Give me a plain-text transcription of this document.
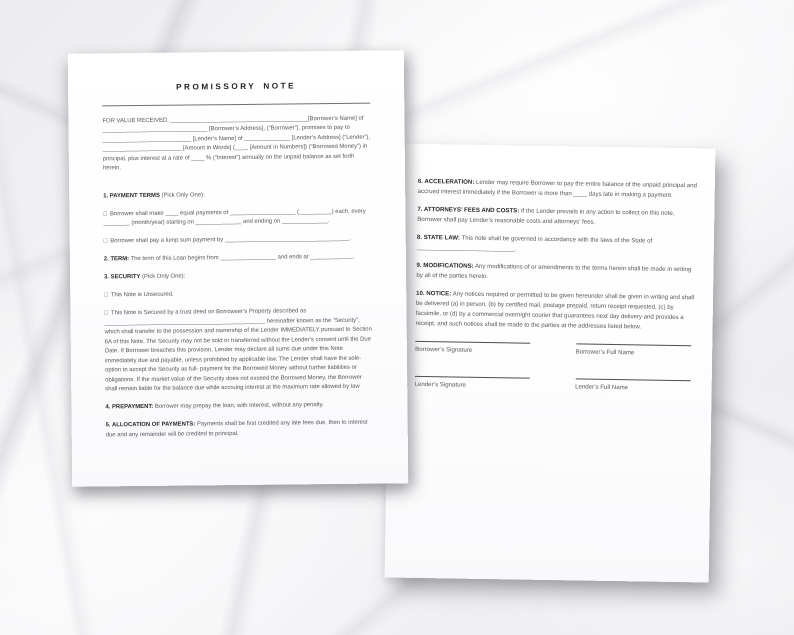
6. ACCELERATION: Lender may require Borrower to pay the entire balance of the unpaid principal and accrued interest immediately if the Borrower is more than ____ days late in making a payment.

7. ATTORNEYS’ FEES AND COSTS: If the Lender prevails in any action to collect on this note, Borrower shall pay Lender’s reasonable costs and attorneys’ fees.

8. STATE LAW: This note shall be governed in accordance with the laws of the State of _____________________________.

9. MODIFICATIONS: Any modifications of or amendments to the terms herein shall be made in writing by all of the parties hereto.

10. NOTICE: Any notices required or permitted to be given hereunder shall be given in writing and shall be delivered (a) in person, (b) by certified mail, postage prepaid, return receipt requested, (c) by facsimile, or (d) by a commercial overnight courier that guarantees next day delivery and provides a receipt, and such notices shall be made to the parties at the addresses listed below.

Borrower’s Signature	Borrower’s Full Name
Lender’s Signature	Lender’s Full Name
PROMISSORY NOTE

FOR VALUE RECEIVED, __________________________________________[Borrower’s Name] of ________________________________ [Borrower’s Address], (“Borrower”), promises to pay to ___________________________ [Lender’s Name] of ______________ [Lender’s Address] (“Lender”), ________________________ [Amount in Words] (____ [Amount in Numbers]) (“Borrowed Money”) in principal, plus interest at a rate of ____ % (“Interest”) annually on the unpaid balance as set forth herein.

1. PAYMENT TERMS (Pick Only One):

□ Borrower shall make ____ equal payments of ____________________ (__________) each, every ________ (month/year) starting on ______________ and ending on ______________.

□ Borrower shall pay a lump sum payment by ______________________________________.

2. TERM: The term of this Loan begins from _________________ and ends at _____________.

3. SECURITY (Pick Only One):

□ This Note is Unsecured.

□ This Note is Secured by a trust deed on Borrowser’s Property described as _________________________________________________ hereinafter known as the “Security”, which shall transfer to the possession and ownership of the Lender IMMEDIATELY pursuant to Section 6A of this Note. The Security may not be sold or transferred without the Lender’s consent until the Due Date. If Borrower breaches this provision, Lender may declare all sums due under this Note immediately due and payable, unless prohibited by applicable law. The Lender shall have the sole-option to accept the Security as full- payment for the Borrowed Money without further liabilities or obligations. If the market value of the Security does not exceed the Borrowed Money, the Borrower shall remain liable for the balance due while accruing interest at the maximum rate allowed by law

4. PREPAYMENT: Borrower may prepay the loan, with Interest, without any penalty.

5. ALLOCATION OF PAYMENTS: Payments shall be first credited any late fees due, then to interest due and any remainder will be credited to principal.
